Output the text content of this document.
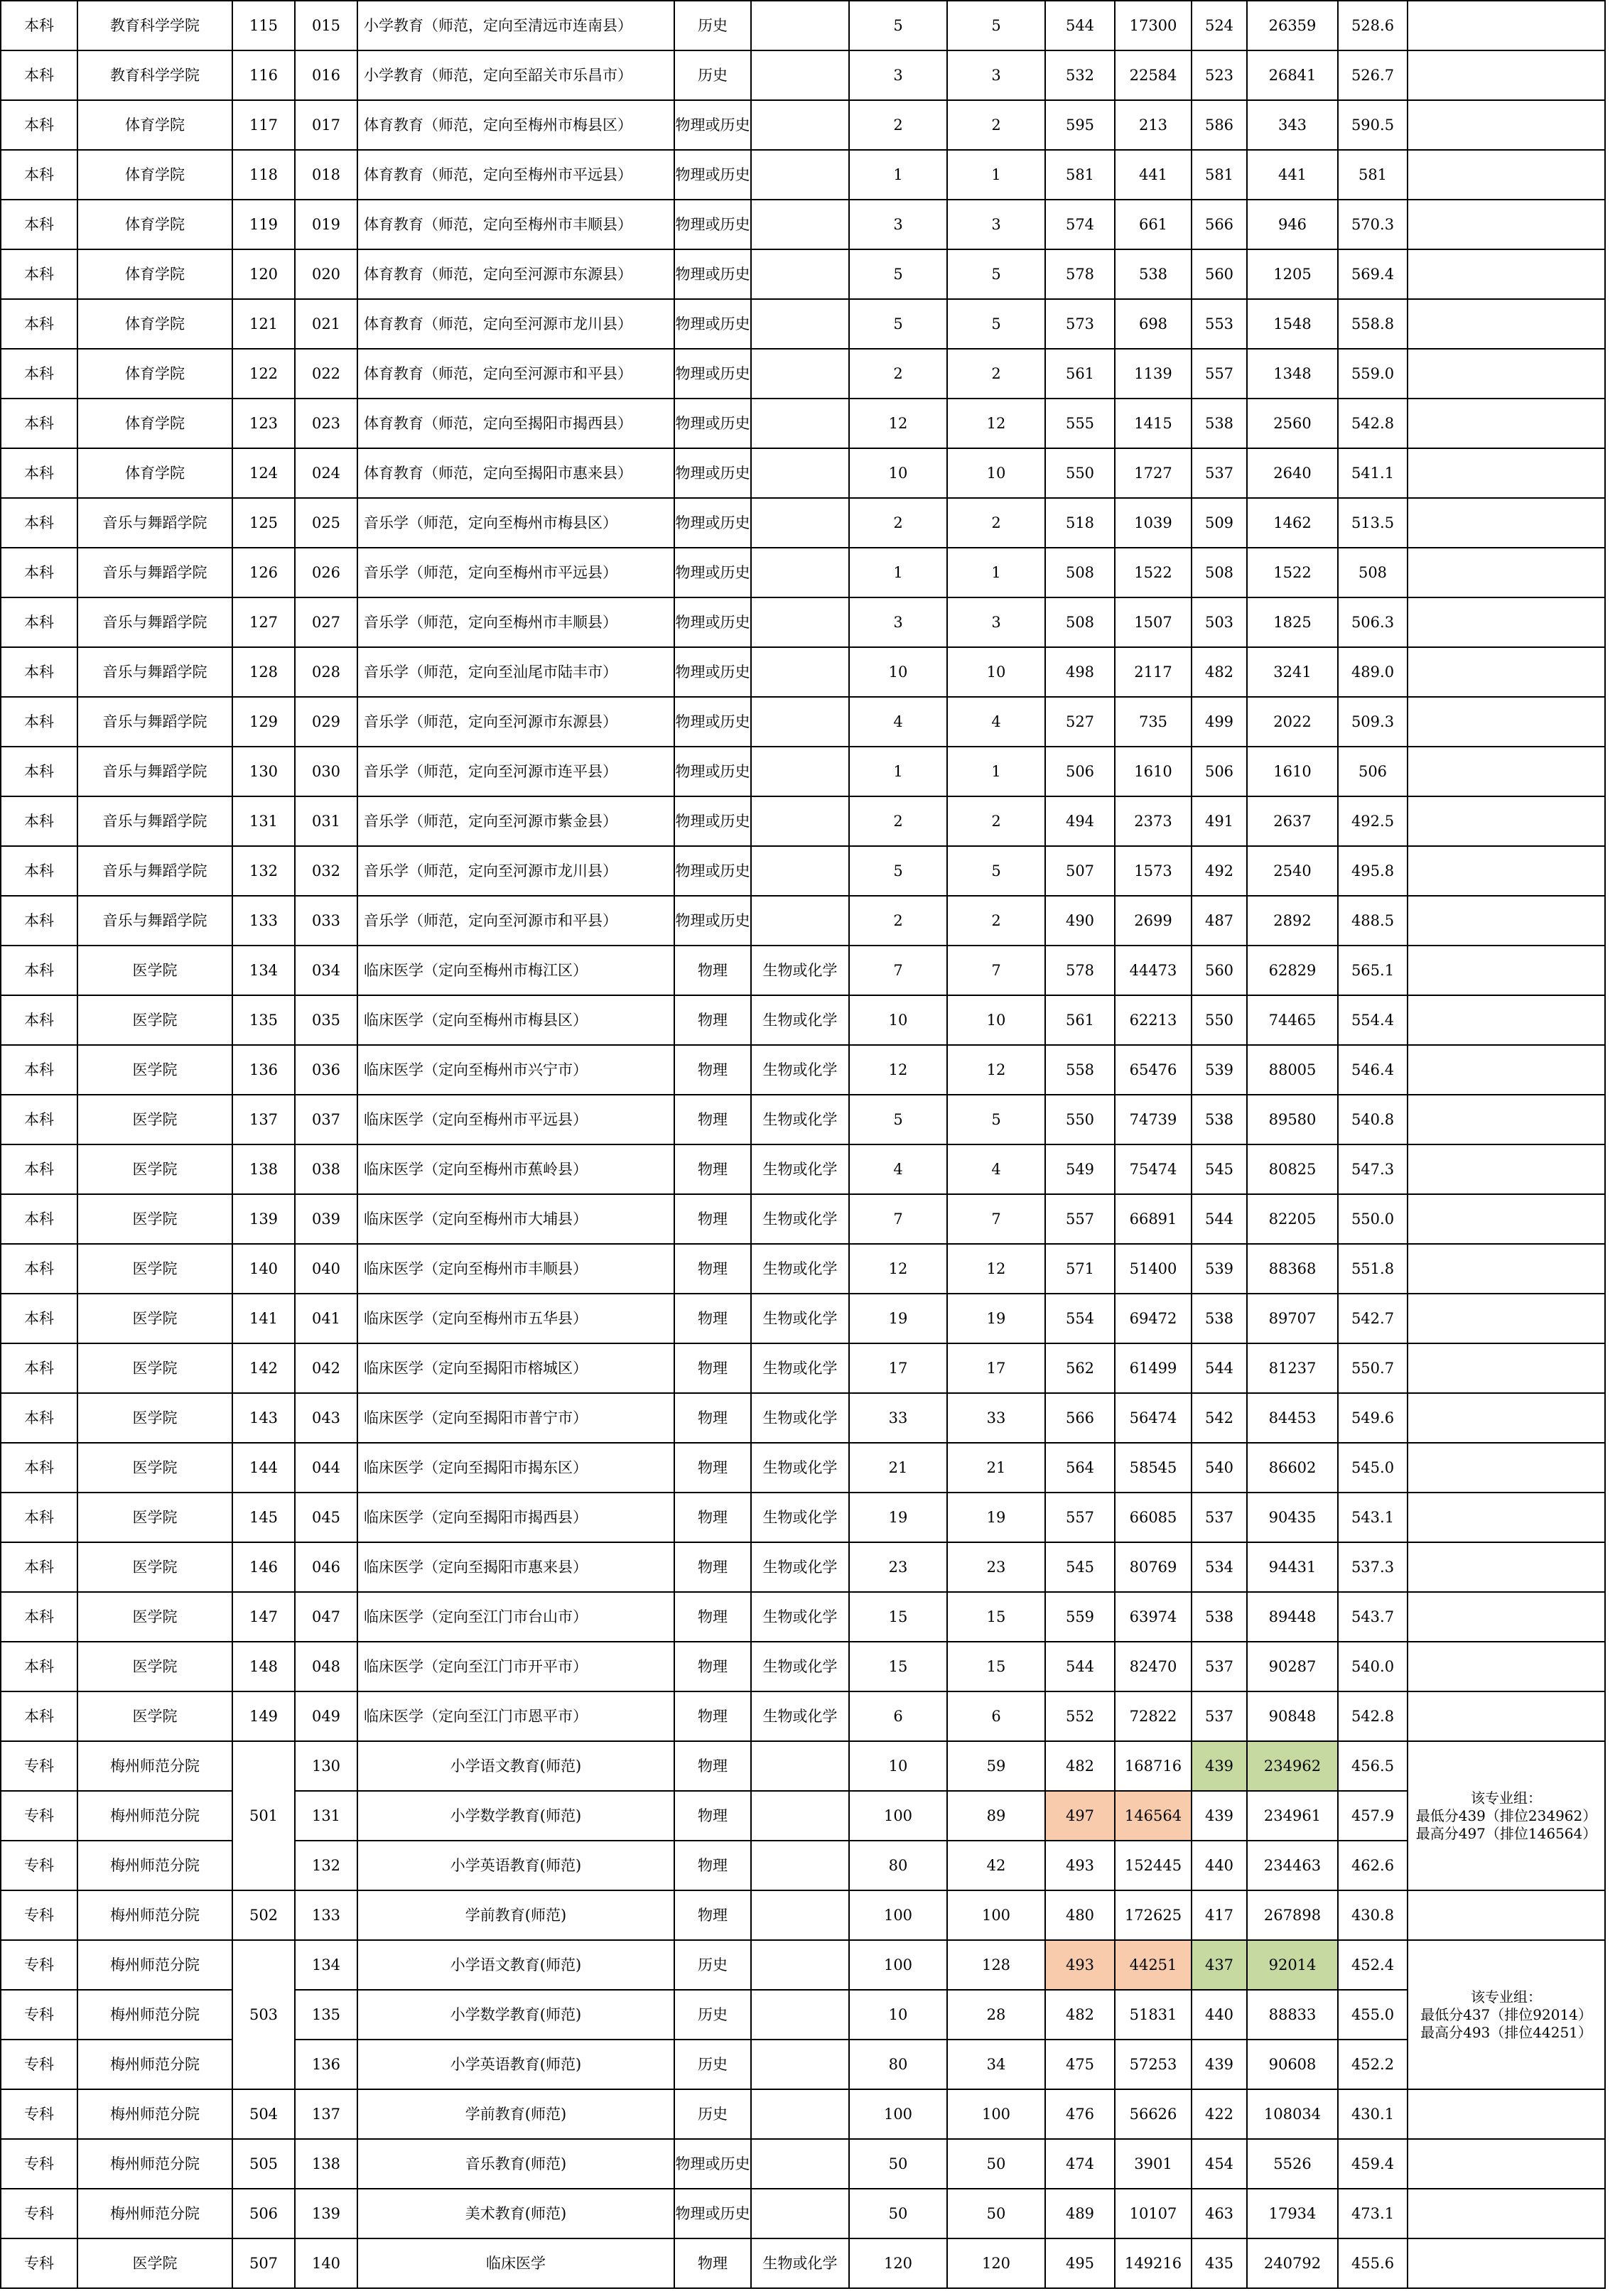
本科	教育科学学院	115	015	小学教育（师范，定向至清远市连南县）	历史		5	5	544	17300	524	26359	528.6	
本科	教育科学学院	116	016	小学教育（师范，定向至韶关市乐昌市）	历史		3	3	532	22584	523	26841	526.7	
本科	体育学院	117	017	体育教育（师范，定向至梅州市梅县区）	物理或历史		2	2	595	213	586	343	590.5	
本科	体育学院	118	018	体育教育（师范，定向至梅州市平远县）	物理或历史		1	1	581	441	581	441	581	
本科	体育学院	119	019	体育教育（师范，定向至梅州市丰顺县）	物理或历史		3	3	574	661	566	946	570.3	
本科	体育学院	120	020	体育教育（师范，定向至河源市东源县）	物理或历史		5	5	578	538	560	1205	569.4	
本科	体育学院	121	021	体育教育（师范，定向至河源市龙川县）	物理或历史		5	5	573	698	553	1548	558.8	
本科	体育学院	122	022	体育教育（师范，定向至河源市和平县）	物理或历史		2	2	561	1139	557	1348	559.0	
本科	体育学院	123	023	体育教育（师范，定向至揭阳市揭西县）	物理或历史		12	12	555	1415	538	2560	542.8	
本科	体育学院	124	024	体育教育（师范，定向至揭阳市惠来县）	物理或历史		10	10	550	1727	537	2640	541.1	
本科	音乐与舞蹈学院	125	025	音乐学（师范，定向至梅州市梅县区）	物理或历史		2	2	518	1039	509	1462	513.5	
本科	音乐与舞蹈学院	126	026	音乐学（师范，定向至梅州市平远县）	物理或历史		1	1	508	1522	508	1522	508	
本科	音乐与舞蹈学院	127	027	音乐学（师范，定向至梅州市丰顺县）	物理或历史		3	3	508	1507	503	1825	506.3	
本科	音乐与舞蹈学院	128	028	音乐学（师范，定向至汕尾市陆丰市）	物理或历史		10	10	498	2117	482	3241	489.0	
本科	音乐与舞蹈学院	129	029	音乐学（师范，定向至河源市东源县）	物理或历史		4	4	527	735	499	2022	509.3	
本科	音乐与舞蹈学院	130	030	音乐学（师范，定向至河源市连平县）	物理或历史		1	1	506	1610	506	1610	506	
本科	音乐与舞蹈学院	131	031	音乐学（师范，定向至河源市紫金县）	物理或历史		2	2	494	2373	491	2637	492.5	
本科	音乐与舞蹈学院	132	032	音乐学（师范，定向至河源市龙川县）	物理或历史		5	5	507	1573	492	2540	495.8	
本科	音乐与舞蹈学院	133	033	音乐学（师范，定向至河源市和平县）	物理或历史		2	2	490	2699	487	2892	488.5	
本科	医学院	134	034	临床医学（定向至梅州市梅江区）	物理	生物或化学	7	7	578	44473	560	62829	565.1	
本科	医学院	135	035	临床医学（定向至梅州市梅县区）	物理	生物或化学	10	10	561	62213	550	74465	554.4	
本科	医学院	136	036	临床医学（定向至梅州市兴宁市）	物理	生物或化学	12	12	558	65476	539	88005	546.4	
本科	医学院	137	037	临床医学（定向至梅州市平远县）	物理	生物或化学	5	5	550	74739	538	89580	540.8	
本科	医学院	138	038	临床医学（定向至梅州市蕉岭县）	物理	生物或化学	4	4	549	75474	545	80825	547.3	
本科	医学院	139	039	临床医学（定向至梅州市大埔县）	物理	生物或化学	7	7	557	66891	544	82205	550.0	
本科	医学院	140	040	临床医学（定向至梅州市丰顺县）	物理	生物或化学	12	12	571	51400	539	88368	551.8	
本科	医学院	141	041	临床医学（定向至梅州市五华县）	物理	生物或化学	19	19	554	69472	538	89707	542.7	
本科	医学院	142	042	临床医学（定向至揭阳市榕城区）	物理	生物或化学	17	17	562	61499	544	81237	550.7	
本科	医学院	143	043	临床医学（定向至揭阳市普宁市）	物理	生物或化学	33	33	566	56474	542	84453	549.6	
本科	医学院	144	044	临床医学（定向至揭阳市揭东区）	物理	生物或化学	21	21	564	58545	540	86602	545.0	
本科	医学院	145	045	临床医学（定向至揭阳市揭西县）	物理	生物或化学	19	19	557	66085	537	90435	543.1	
本科	医学院	146	046	临床医学（定向至揭阳市惠来县）	物理	生物或化学	23	23	545	80769	534	94431	537.3	
本科	医学院	147	047	临床医学（定向至江门市台山市）	物理	生物或化学	15	15	559	63974	538	89448	543.7	
本科	医学院	148	048	临床医学（定向至江门市开平市）	物理	生物或化学	15	15	544	82470	537	90287	540.0	
本科	医学院	149	049	临床医学（定向至江门市恩平市）	物理	生物或化学	6	6	552	72822	537	90848	542.8	
专科	梅州师范分院	501	130	小学语文教育(师范)	物理		10	59	482	168716	439	234962	456.5	该专业组：
最低分439（排位234962）
最高分497（排位146564）
专科	梅州师范分院		131	小学数学教育(师范)	物理		100	89	497	146564	439	234961	457.9	
专科	梅州师范分院		132	小学英语教育(师范)	物理		80	42	493	152445	440	234463	462.6	
专科	梅州师范分院	502	133	学前教育(师范)	物理		100	100	480	172625	417	267898	430.8	
专科	梅州师范分院	503	134	小学语文教育(师范)	历史		100	128	493	44251	437	92014	452.4	该专业组：
最低分437（排位92014）
最高分493（排位44251）
专科	梅州师范分院		135	小学数学教育(师范)	历史		10	28	482	51831	440	88833	455.0	
专科	梅州师范分院		136	小学英语教育(师范)	历史		80	34	475	57253	439	90608	452.2	
专科	梅州师范分院	504	137	学前教育(师范)	历史		100	100	476	56626	422	108034	430.1	
专科	梅州师范分院	505	138	音乐教育(师范)	物理或历史		50	50	474	3901	454	5526	459.4	
专科	梅州师范分院	506	139	美术教育(师范)	物理或历史		50	50	489	10107	463	17934	473.1	
专科	医学院	507	140	临床医学	物理	生物或化学	120	120	495	149216	435	240792	455.6	
